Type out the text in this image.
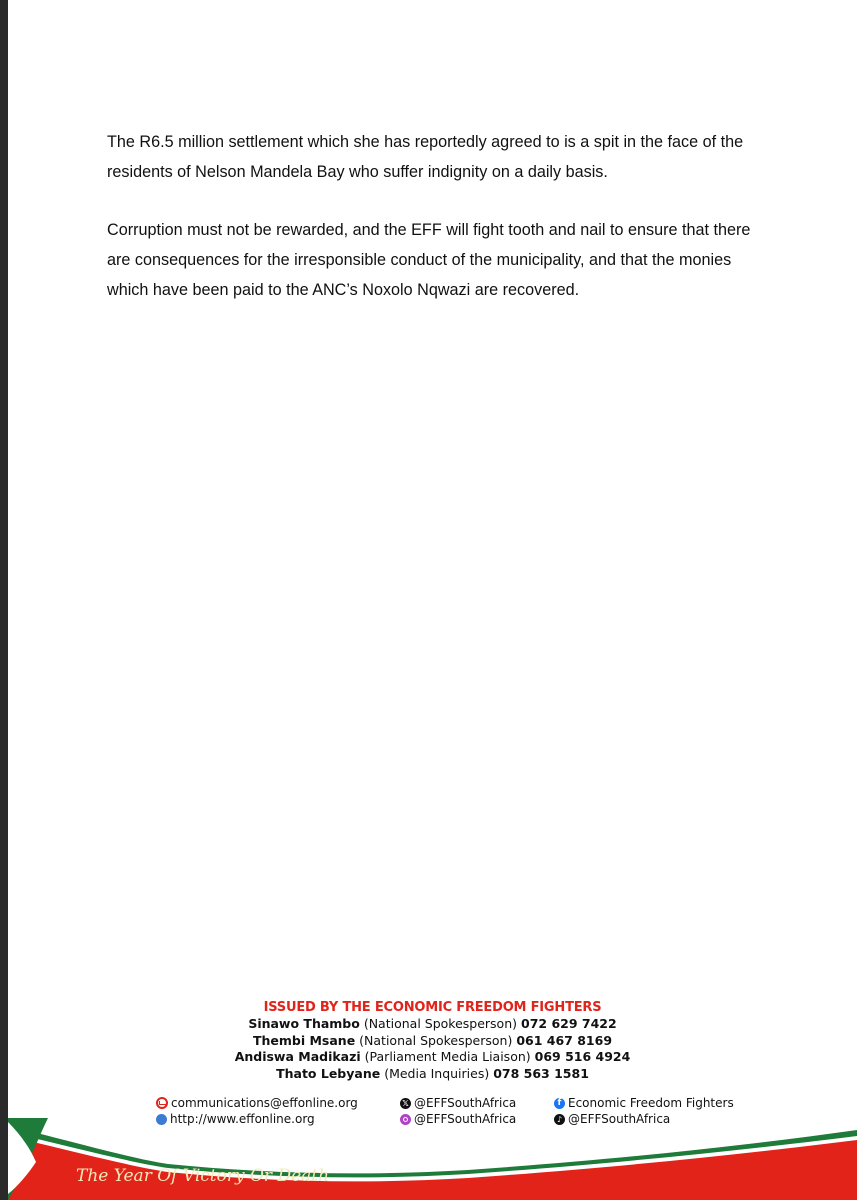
The R6.5 million settlement which she has reportedly agreed to is a spit in the face of the residents of Nelson Mandela Bay who suffer indignity on a daily basis.

Corruption must not be rewarded, and the EFF will fight tooth and nail to ensure that there are consequences for the irresponsible conduct of the municipality, and that the monies which have been paid to the ANC’s Noxolo Nqwazi are recovered.

ISSUED BY THE ECONOMIC FREEDOM FIGHTERS
Sinawo Thambo (National Spokesperson) 072 629 7422
Thembi Msane (National Spokesperson) 061 467 8169
Andiswa Madikazi (Parliament Media Liaison) 069 516 4924
Thato Lebyane (Media Inquiries) 078 563 1581
communications@effonline.org
http://www.effonline.org
𝕏 @EFFSouthAfrica
@EFFSouthAfrica
f Economic Freedom Fighters
♪ @EFFSouthAfrica
The Year Of Victory Or Death
